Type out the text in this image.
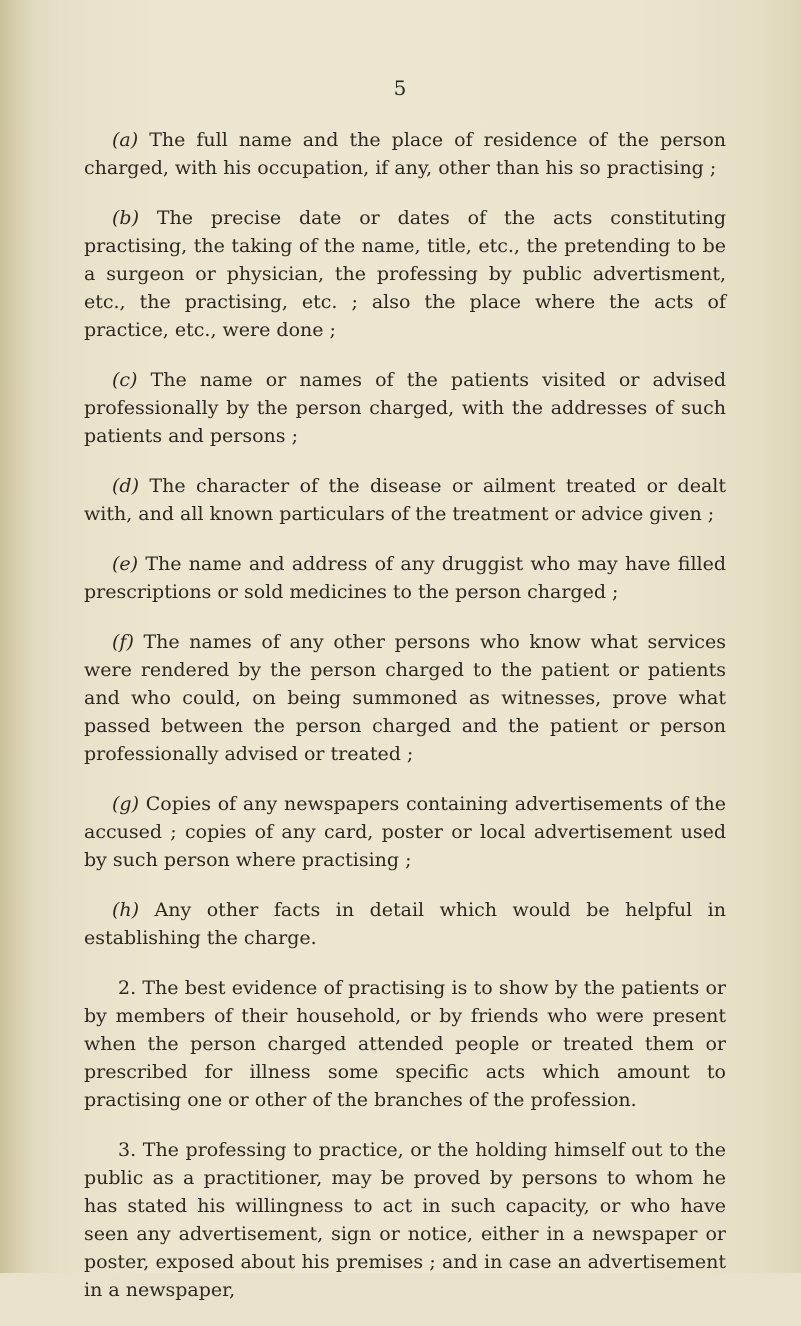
5

(a) The full name and the place of residence of the person charged, with his occupation, if any, other than his so practising ;

(b) The precise date or dates of the acts constituting practising, the taking of the name, title, etc., the pretending to be a surgeon or physician, the professing by public advertisment, etc., the practising, etc. ; also the place where the acts of practice, etc., were done ;

(c) The name or names of the patients visited or advised professionally by the person charged, with the addresses of such patients and persons ;

(d) The character of the disease or ailment treated or dealt with, and all known particulars of the treatment or advice given ;

(e) The name and address of any druggist who may have filled prescriptions or sold medicines to the person charged ;

(f) The names of any other persons who know what services were rendered by the person charged to the patient or patients and who could, on being summoned as witnesses, prove what passed between the person charged and the patient or person professionally advised or treated ;

(g) Copies of any newspapers containing advertisements of the accused ; copies of any card, poster or local advertisement used by such person where practising ;

(h) Any other facts in detail which would be helpful in establishing the charge.

2. The best evidence of practising is to show by the patients or by members of their household, or by friends who were present when the person charged attended people or treated them or prescribed for illness some specific acts which amount to practising one or other of the branches of the profession.

3. The professing to practice, or the holding himself out to the public as a practitioner, may be proved by persons to whom he has stated his willingness to act in such capacity, or who have seen any advertisement, sign or notice, either in a newspaper or poster, exposed about his premises ; and in case an advertisement in a newspaper,
